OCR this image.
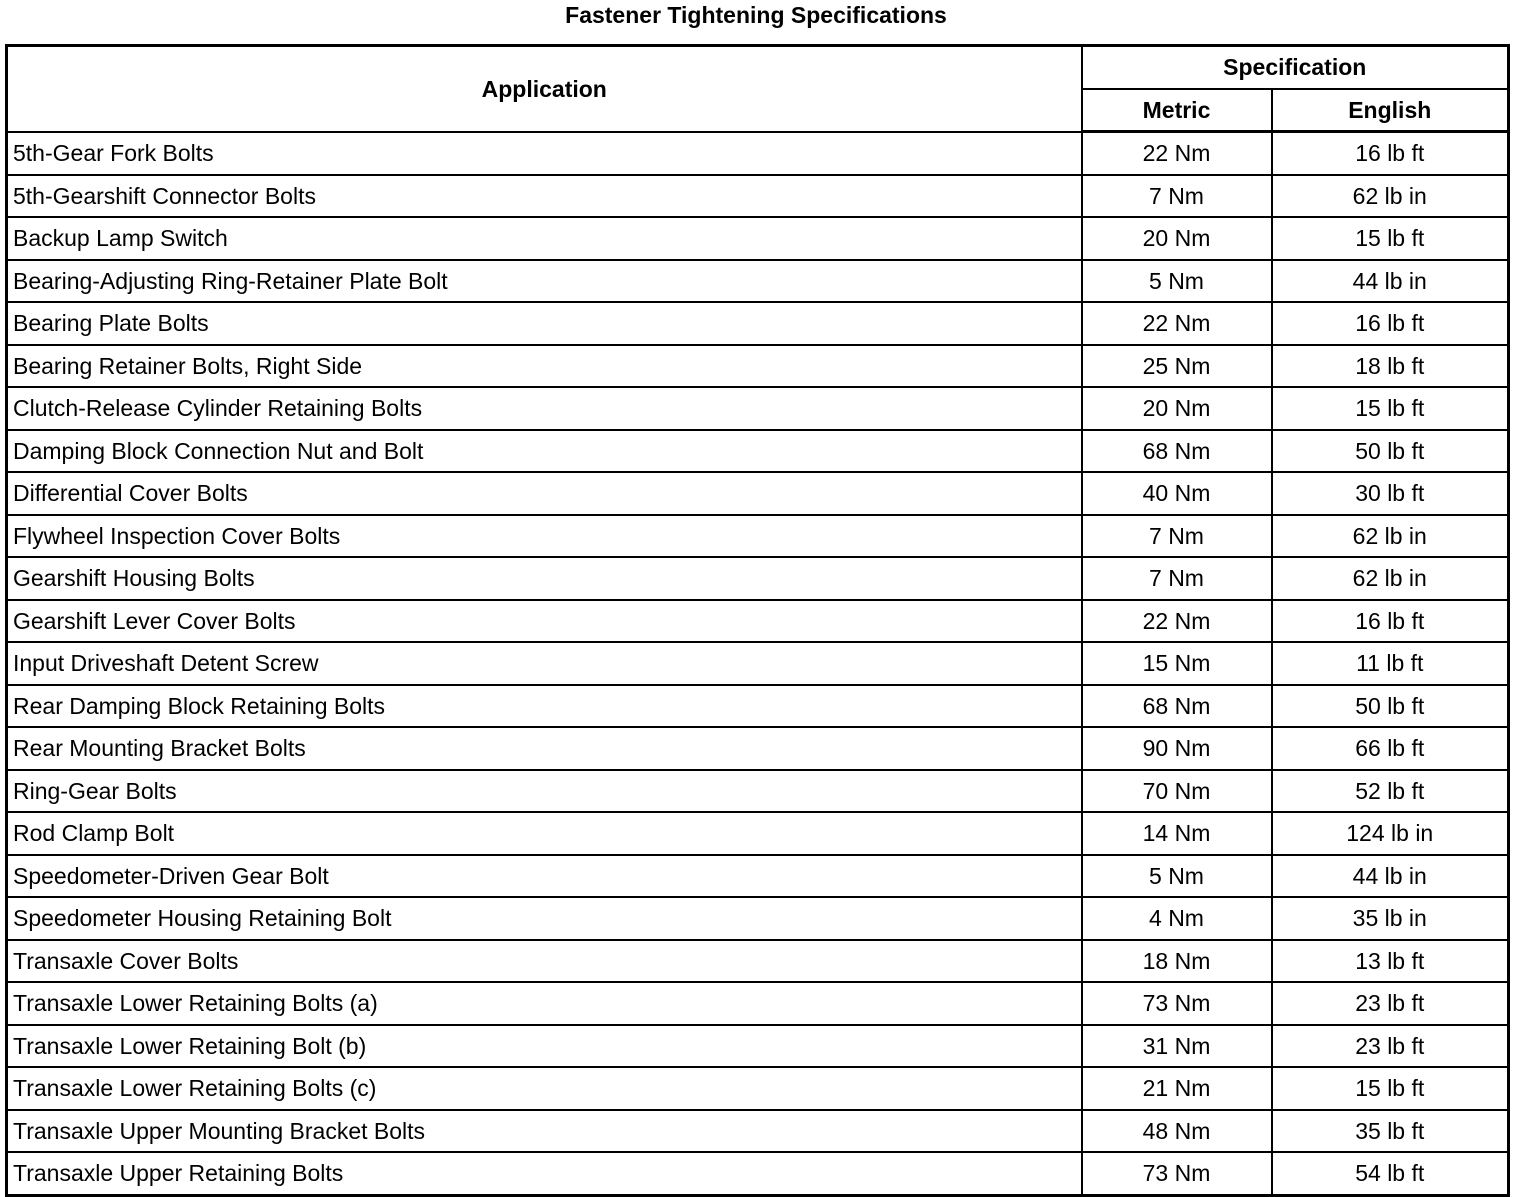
Fastener Tightening Specifications
Application	Specification	
	Metric	English
5th-Gear Fork Bolts	22 Nm	16 lb ft
5th-Gearshift Connector Bolts	7 Nm	62 lb in
Backup Lamp Switch	20 Nm	15 lb ft
Bearing-Adjusting Ring-Retainer Plate Bolt	5 Nm	44 lb in
Bearing Plate Bolts	22 Nm	16 lb ft
Bearing Retainer Bolts, Right Side	25 Nm	18 lb ft
Clutch-Release Cylinder Retaining Bolts	20 Nm	15 lb ft
Damping Block Connection Nut and Bolt	68 Nm	50 lb ft
Differential Cover Bolts	40 Nm	30 lb ft
Flywheel Inspection Cover Bolts	7 Nm	62 lb in
Gearshift Housing Bolts	7 Nm	62 lb in
Gearshift Lever Cover Bolts	22 Nm	16 lb ft
Input Driveshaft Detent Screw	15 Nm	11 lb ft
Rear Damping Block Retaining Bolts	68 Nm	50 lb ft
Rear Mounting Bracket Bolts	90 Nm	66 lb ft
Ring-Gear Bolts	70 Nm	52 lb ft
Rod Clamp Bolt	14 Nm	124 lb in
Speedometer-Driven Gear Bolt	5 Nm	44 lb in
Speedometer Housing Retaining Bolt	4 Nm	35 lb in
Transaxle Cover Bolts	18 Nm	13 lb ft
Transaxle Lower Retaining Bolts (a)	73 Nm	23 lb ft
Transaxle Lower Retaining Bolt (b)	31 Nm	23 lb ft
Transaxle Lower Retaining Bolts (c)	21 Nm	15 lb ft
Transaxle Upper Mounting Bracket Bolts	48 Nm	35 lb ft
Transaxle Upper Retaining Bolts	73 Nm	54 lb ft
